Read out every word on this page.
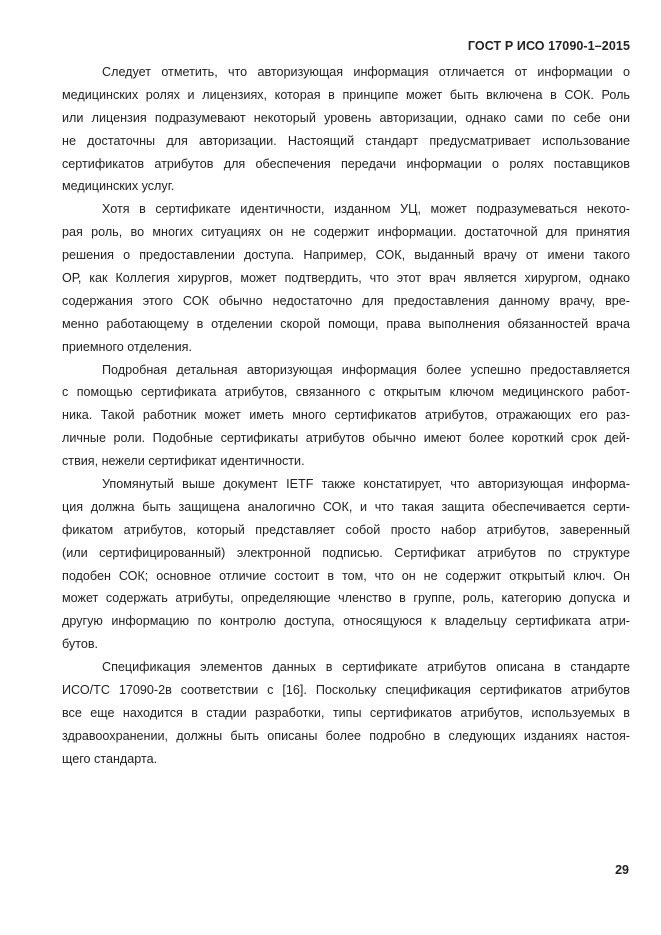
ГОСТ Р ИСО 17090-1–2015

Следует отметить, что авторизующая информация отличается от информации о
медицинских ролях и лицензиях, которая в принципе может быть включена в СОК. Роль
или лицензия подразумевают некоторый уровень авторизации, однако сами по себе они
не достаточны для авторизации. Настоящий стандарт предусматривает использование
сертификатов атрибутов для обеспечения передачи информации о ролях поставщиков
медицинских услуг.

Хотя в сертификате идентичности, изданном УЦ, может подразумеваться некото-
рая роль, во многих ситуациях он не содержит информации. достаточной для принятия
решения о предоставлении доступа. Например, СОК, выданный врачу от имени такого
ОР, как Коллегия хирургов, может подтвердить, что этот врач является хирургом, однако
содержания этого СОК обычно недостаточно для предоставления данному врачу, вре-
менно работающему в отделении скорой помощи, права выполнения обязанностей врача
приемного отделения.

Подробная детальная авторизующая информация более успешно предоставляется
с помощью сертификата атрибутов, связанного с открытым ключом медицинского работ-
ника. Такой работник может иметь много сертификатов атрибутов, отражающих его раз-
личные роли. Подобные сертификаты атрибутов обычно имеют более короткий срок дей-
ствия, нежели сертификат идентичности.

Упомянутый выше документ IETF также констатирует, что авторизующая информа-
ция должна быть защищена аналогично СОК, и что такая защита обеспечивается серти-
фикатом атрибутов, который представляет собой просто набор атрибутов, заверенный
(или сертифицированный) электронной подписью. Сертификат атрибутов по структуре
подобен СОК; основное отличие состоит в том, что он не содержит открытый ключ. Он
может содержать атрибуты, определяющие членство в группе, роль, категорию допуска и
другую информацию по контролю доступа, относящуюся к владельцу сертификата атри-
бутов.

Спецификация элементов данных в сертификате атрибутов описана в стандарте
ИСО/ТС 17090-2в соответствии с [16]. Поскольку спецификация сертификатов атрибутов
все еще находится в стадии разработки, типы сертификатов атрибутов, используемых в
здравоохранении, должны быть описаны более подробно в следующих изданиях настоя-
щего стандарта.

29
